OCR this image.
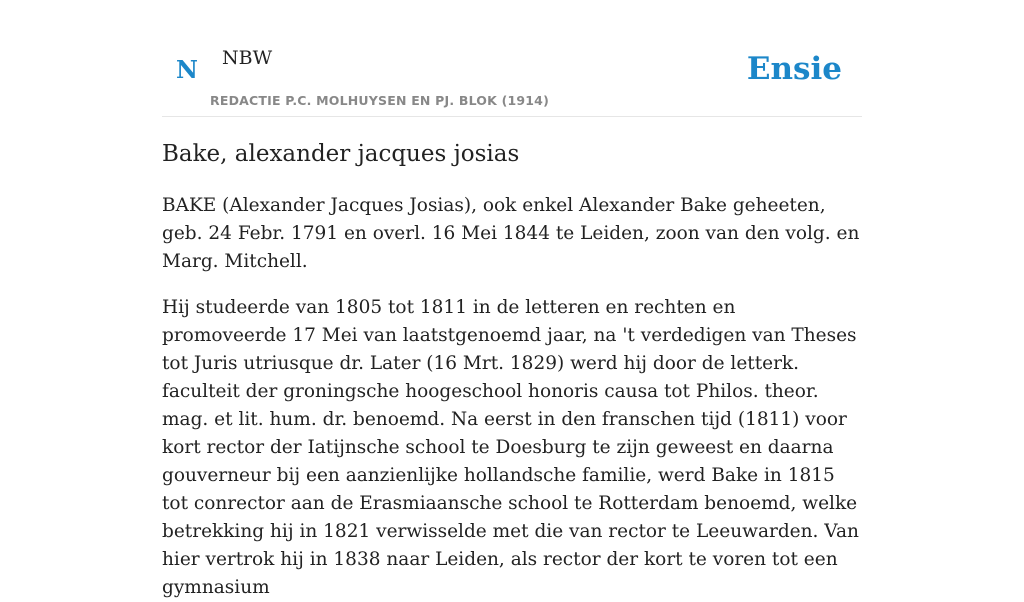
N NBW
REDACTIE P.C. MOLHUYSEN EN PJ. BLOK (1914)
Ensie
Bake, alexander jacques josias

BAKE (Alexander Jacques Josias), ook enkel Alexander Bake geheeten, geb. 24 Febr. 1791 en overl. 16 Mei 1844 te Leiden, zoon van den volg. en Marg. Mitchell.

Hij studeerde van 1805 tot 1811 in de letteren en rechten en promoveerde 17 Mei van laatstgenoemd jaar, na 't verdedigen van Theses tot Juris utriusque dr. Later (16 Mrt. 1829) werd hij door de letterk. faculteit der groningsche hoogeschool honoris causa tot Philos. theor. mag. et lit. hum. dr. benoemd. Na eerst in den franschen tijd (1811) voor kort rector der Iatijnsche school te Doesburg te zijn geweest en daarna gouverneur bij een aanzienlijke hollandsche familie, werd Bake in 1815 tot conrector aan de Erasmiaansche school te Rotterdam benoemd, welke betrekking hij in 1821 verwisselde met die van rector te Leeuwarden. Van hier vertrok hij in 1838 naar Leiden, als rector der kort te voren tot een gymnasium
